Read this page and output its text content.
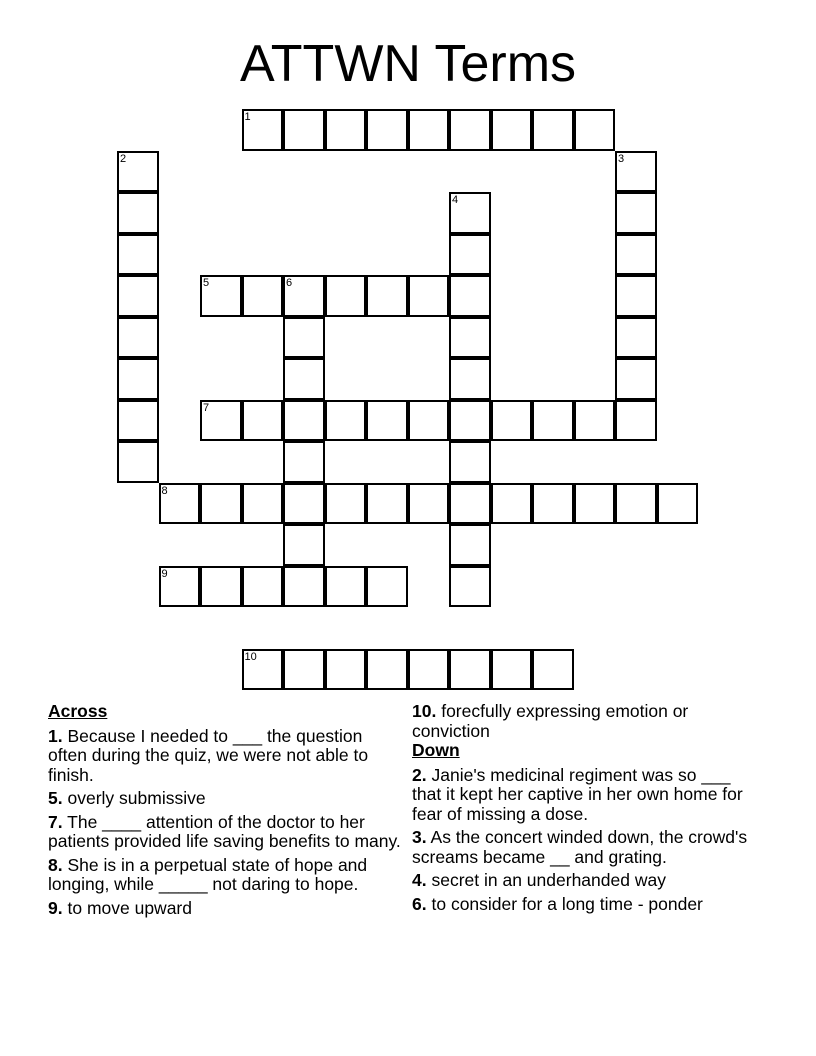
ATTWN Terms
1
2	3
4
5	6
7
8
9
10
Across
1. Because I needed to ___ the question often during the quiz, we were not able to finish.
5. overly submissive
7. The ____ attention of the doctor to her patients provided life saving benefits to many.
8. She is in a perpetual state of hope and longing, while _____ not daring to hope.
9. to move upward
10. forecfully expressing emotion or conviction
Down
2. Janie's medicinal regiment was so ___ that it kept her captive in her own home for fear of missing a dose.
3. As the concert winded down, the crowd's screams became __ and grating.
4. secret in an underhanded way
6. to consider for a long time - ponder
